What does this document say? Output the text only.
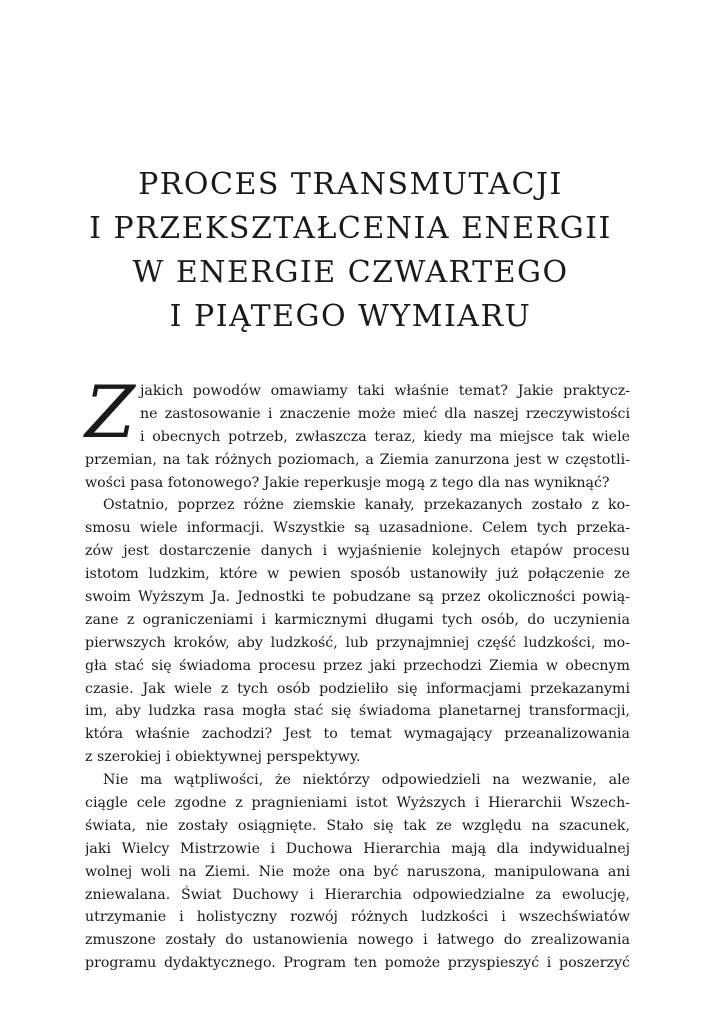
PROCES TRANSMUTACJI
I PRZEKSZTAŁCENIA ENERGII
W ENERGIE CZWARTEGO
I PIĄTEGO WYMIARU
Z jakich powodów omawiamy taki właśnie temat? Jakie praktycz-
ne zastosowanie i znaczenie może mieć dla naszej rzeczywistości
i obecnych potrzeb, zwłaszcza teraz, kiedy ma miejsce tak wiele
przemian, na tak różnych poziomach, a Ziemia zanurzona jest w częstotli-
wości pasa fotonowego? Jakie reperkusje mogą z tego dla nas wyniknąć?
Ostatnio, poprzez różne ziemskie kanały, przekazanych zostało z ko-
smosu wiele informacji. Wszystkie są uzasadnione. Celem tych przeka-
zów jest dostarczenie danych i wyjaśnienie kolejnych etapów procesu
istotom ludzkim, które w pewien sposób ustanowiły już połączenie ze
swoim Wyższym Ja. Jednostki te pobudzane są przez okoliczności powią-
zane z ograniczeniami i karmicznymi długami tych osób, do uczynienia
pierwszych kroków, aby ludzkość, lub przynajmniej część ludzkości, mo-
gła stać się świadoma procesu przez jaki przechodzi Ziemia w obecnym
czasie. Jak wiele z tych osób podzieliło się informacjami przekazanymi
im, aby ludzka rasa mogła stać się świadoma planetarnej transformacji,
która właśnie zachodzi? Jest to temat wymagający przeanalizowania
z szerokiej i obiektywnej perspektywy.
Nie ma wątpliwości, że niektórzy odpowiedzieli na wezwanie, ale
ciągle cele zgodne z pragnieniami istot Wyższych i Hierarchii Wszech-
świata, nie zostały osiągnięte. Stało się tak ze względu na szacunek,
jaki Wielcy Mistrzowie i Duchowa Hierarchia mają dla indywidualnej
wolnej woli na Ziemi. Nie może ona być naruszona, manipulowana ani
zniewalana. Świat Duchowy i Hierarchia odpowiedzialne za ewolucję,
utrzymanie i holistyczny rozwój różnych ludzkości i wszechświatów
zmuszone zostały do ustanowienia nowego i łatwego do zrealizowania
programu dydaktycznego. Program ten pomoże przyspieszyć i poszerzyć
